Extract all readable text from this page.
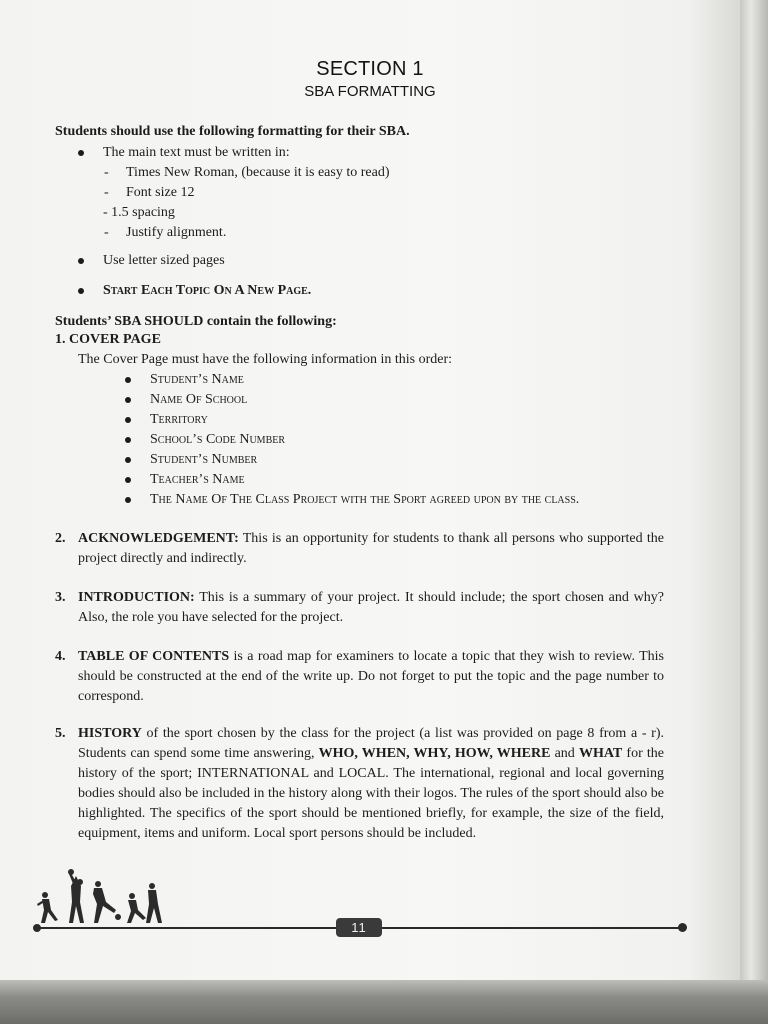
SECTION 1
SBA FORMATTING
Students should use the following formatting for their SBA.
The main text must be written in:
- Times New Roman, (because it is easy to read)
- Font size 12
- 1.5 spacing
- Justify alignment.
Use letter sized pages
Start Each Topic On A New Page.
Students’ SBA SHOULD contain the following:
1. COVER PAGE
The Cover Page must have the following information in this order:
Student’s Name
Name Of School
Territory
School’s Code Number
Student’s Number
Teacher’s Name
The Name Of The Class Project with the Sport agreed upon by the class.
2. ACKNOWLEDGEMENT: This is an opportunity for students to thank all persons who supported the project directly and indirectly.
3. INTRODUCTION: This is a summary of your project. It should include; the sport chosen and why? Also, the role you have selected for the project.
4. TABLE OF CONTENTS is a road map for examiners to locate a topic that they wish to review. This should be constructed at the end of the write up. Do not forget to put the topic and the page number to correspond.
5. HISTORY of the sport chosen by the class for the project (a list was provided on page 8 from a - r). Students can spend some time answering, WHO, WHEN, WHY, HOW, WHERE and WHAT for the history of the sport; INTERNATIONAL and LOCAL. The international, regional and local governing bodies should also be included in the history along with their logos. The rules of the sport should also be highlighted. The specifics of the sport should be mentioned briefly, for example, the size of the field, equipment, items and uniform. Local sport persons should be included.
11
